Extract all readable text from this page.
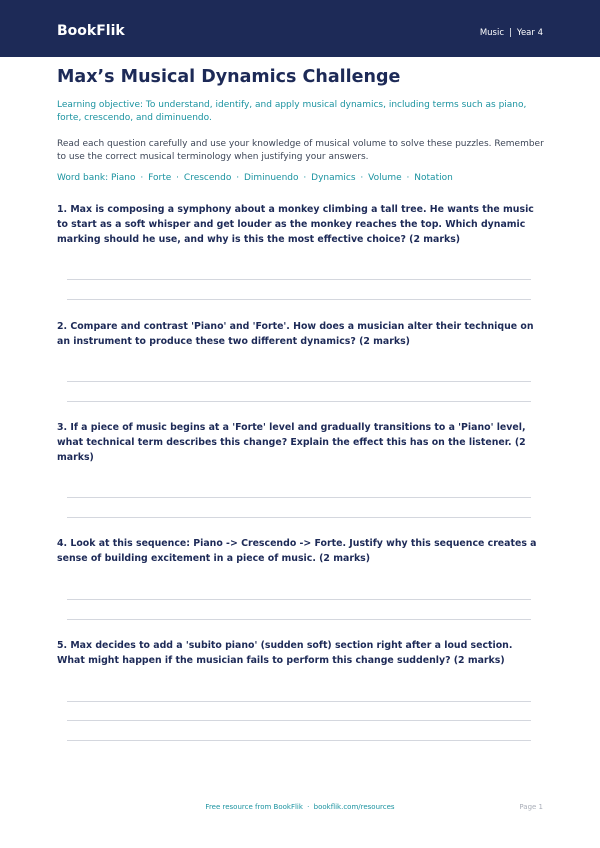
BookFlik	Music | Year 4
Max’s Musical Dynamics Challenge

Learning objective: To understand, identify, and apply musical dynamics, including terms such as piano, forte, crescendo, and diminuendo.

Read each question carefully and use your knowledge of musical volume to solve these puzzles. Remember to use the correct musical terminology when justifying your answers.

Word bank: Piano · Forte · Crescendo · Diminuendo · Dynamics · Volume · Notation

1. Max is composing a symphony about a monkey climbing a tall tree. He wants the music to start as a soft whisper and get louder as the monkey reaches the top. Which dynamic marking should he use, and why is this the most effective choice? (2 marks)

2. Compare and contrast 'Piano' and 'Forte'. How does a musician alter their technique on an instrument to produce these two different dynamics? (2 marks)

3. If a piece of music begins at a 'Forte' level and gradually transitions to a 'Piano' level, what technical term describes this change? Explain the effect this has on the listener. (2 marks)

4. Look at this sequence: Piano -> Crescendo -> Forte. Justify why this sequence creates a sense of building excitement in a piece of music. (2 marks)

5. Max decides to add a 'subito piano' (sudden soft) section right after a loud section. What might happen if the musician fails to perform this change suddenly? (2 marks)

Free resource from BookFlik · bookflik.com/resources	Page 1
